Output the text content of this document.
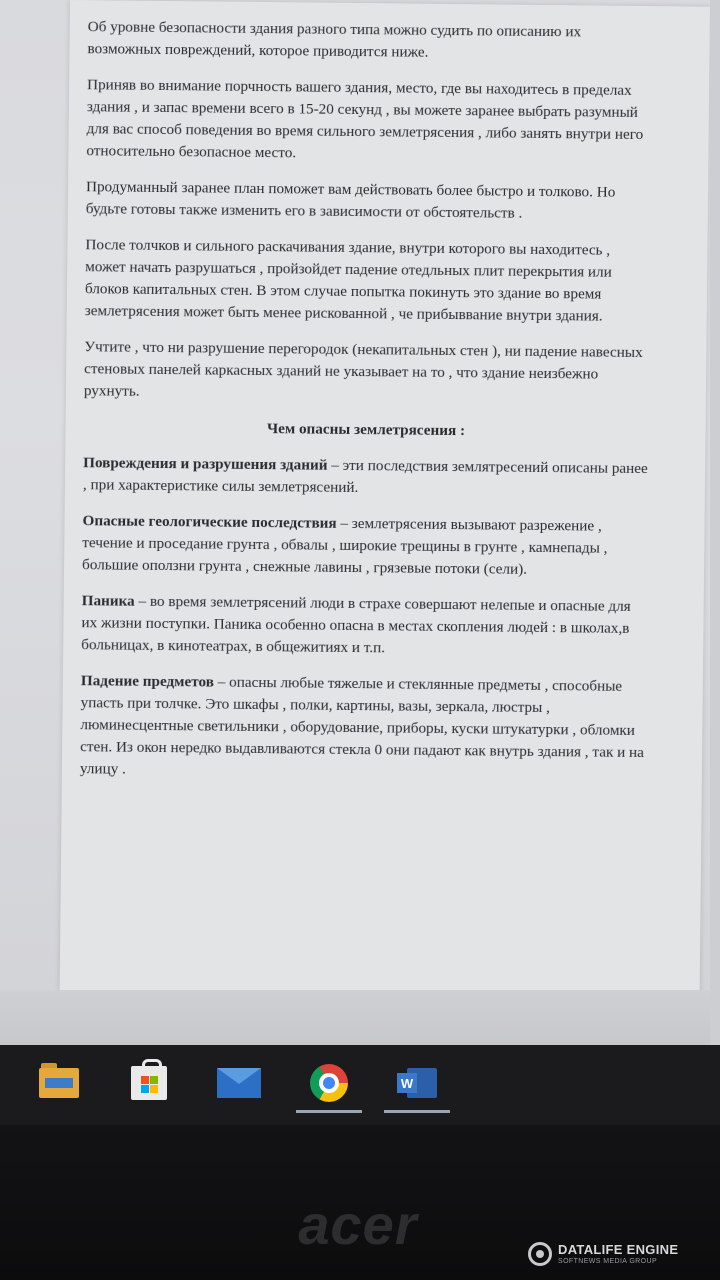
Об уровне безопасности здания разного типа можно судить по описанию их возможных повреждений, которое приводится ниже.

Приняв во внимание порчность вашего здания, место, где вы находитесь в пределах здания , и запас времени всего в 15-20 секунд , вы можете заранее выбрать разумный для вас способ поведения во время сильного землетрясения , либо занять внутри него относительно безопасное место.

Продуманный заранее план поможет вам действовать более быстро и толково. Но будьте готовы также изменить его в зависимости от обстоятельств .

После толчков и сильного раскачивания здание, внутри которого вы находитесь , может начать разрушаться , пройзойдет падение отедльных плит перекрытия или блоков капитальных стен. В этом случае попытка покинуть это здание во время землетрясения может быть менее рискованной , че прибыввание внутри здания.

Учтите , что ни разрушение перегородок (некапитальных стен ), ни падение навесных стеновых панелей каркасных зданий не указывает на то , что здание неизбежно рухнуть.

Чем опасны землетрясения :

Повреждения и разрушения зданий – эти последствия землятресений описаны ранее , при характеристике силы землетрясений.

Опасные геологические последствия – землетрясения вызывают разрежение , течение и проседание грунта , обвалы , широкие трещины в грунте , камнепады , большие оползни грунта , снежные лавины , грязевые потоки (сели).

Паника – во время землетрясений люди в страхе совершают нелепые и опасные для их жизни поступки. Паника особенно опасна в местах скопления людей : в школах,в больницах, в кинотеатрах, в общежитиях и т.п.

Падение предметов – опасны любые тяжелые и стеклянные предметы , способные упасть при толчке. Это шкафы , полки, картины, вазы, зеркала, люстры , люминесцентные светильники , оборудование, приборы, куски штукатурки , обломки стен. Из окон нередко выдавливаются стекла 0 они падают как внутрь здания , так и на улицу .

W
acer	DATALIFE ENGINE
SOFTNEWS MEDIA GROUP
